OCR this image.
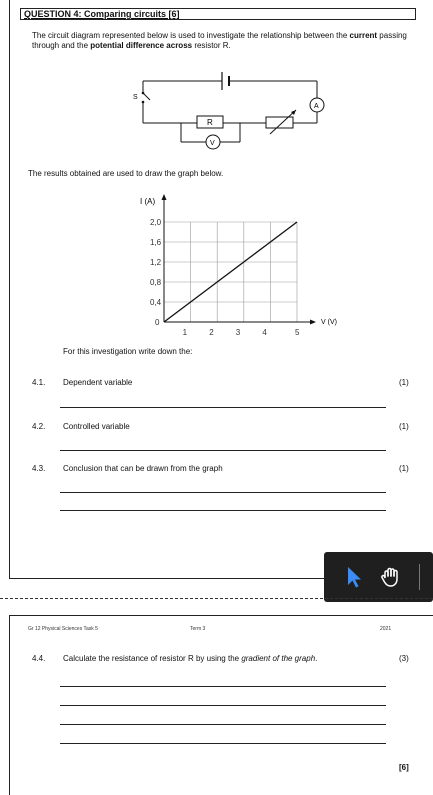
QUESTION 4: Comparing circuits [6]
The circuit diagram represented below is used to investigate the relationship between the current passing through and the potential difference across resistor R.
S
R
V
A
The results obtained are used to draw the graph below.
1	2	3	4	5
2,0
1,6
1,2
0,8
0,4
I (A)
V (V)
0
For this investigation write down the:
4.1. Dependent variable	(1)
4.2. Controlled variable	(1)
4.3. Conclusion that can be drawn from the graph	(1)
Gr 12 Physical Sciences Task 5	Term 3	2021
4.4. Calculate the resistance of resistor R by using the gradient of the graph.	(3)
[6]
